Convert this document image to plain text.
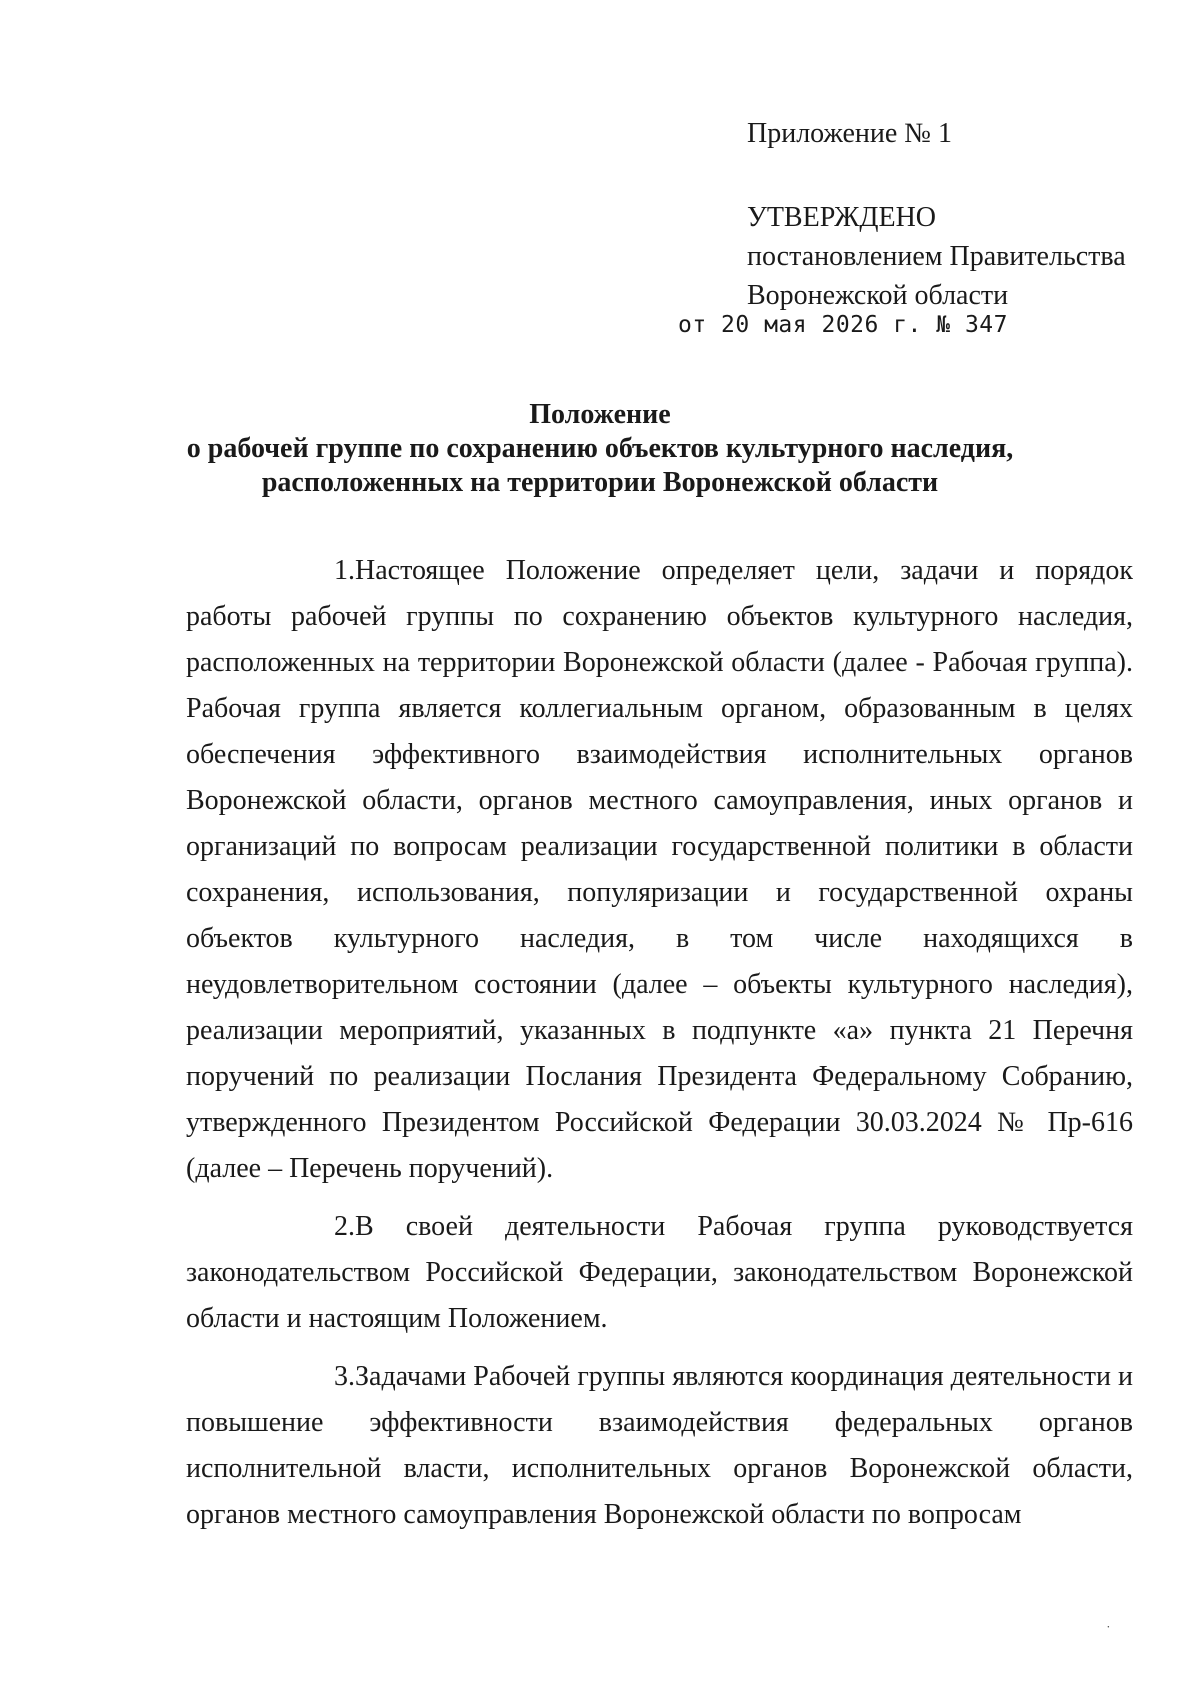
Приложение № 1
УТВЕРЖДЕНО
постановлением Правительства
Воронежской области
от 20 мая 2026 г. № 347
Положение
о рабочей группе по сохранению объектов культурного наследия,
расположенных на территории Воронежской области

1.Настоящее Положение определяет цели, задачи и порядок работы рабочей группы по сохранению объектов культурного наследия, расположенных на территории Воронежской области (далее - Рабочая группа). Рабочая группа является коллегиальным органом, образованным в целях обеспечения эффективного взаимодействия исполнительных органов Воронежской области, органов местного самоуправления, иных органов и организаций по вопросам реализации государственной политики в области сохранения, использования, популяризации и государственной охраны объектов культурного наследия, в том числе находящихся в неудовлетворительном состоянии (далее – объекты культурного наследия), реализации мероприятий, указанных в подпункте «а» пункта 21 Перечня поручений по реализации Послания Президента Федеральному Собранию, утвержденного Президентом Российской Федерации 30.03.2024 № Пр-616 (далее – Перечень поручений).

2.В своей деятельности Рабочая группа руководствуется законодательством Российской Федерации, законодательством Воронежской области и настоящим Положением.

3.Задачами Рабочей группы являются координация деятельности и повышение эффективности взаимодействия федеральных органов исполнительной власти, исполнительных органов Воронежской области, органов местного самоуправления Воронежской области по вопросам

˙
